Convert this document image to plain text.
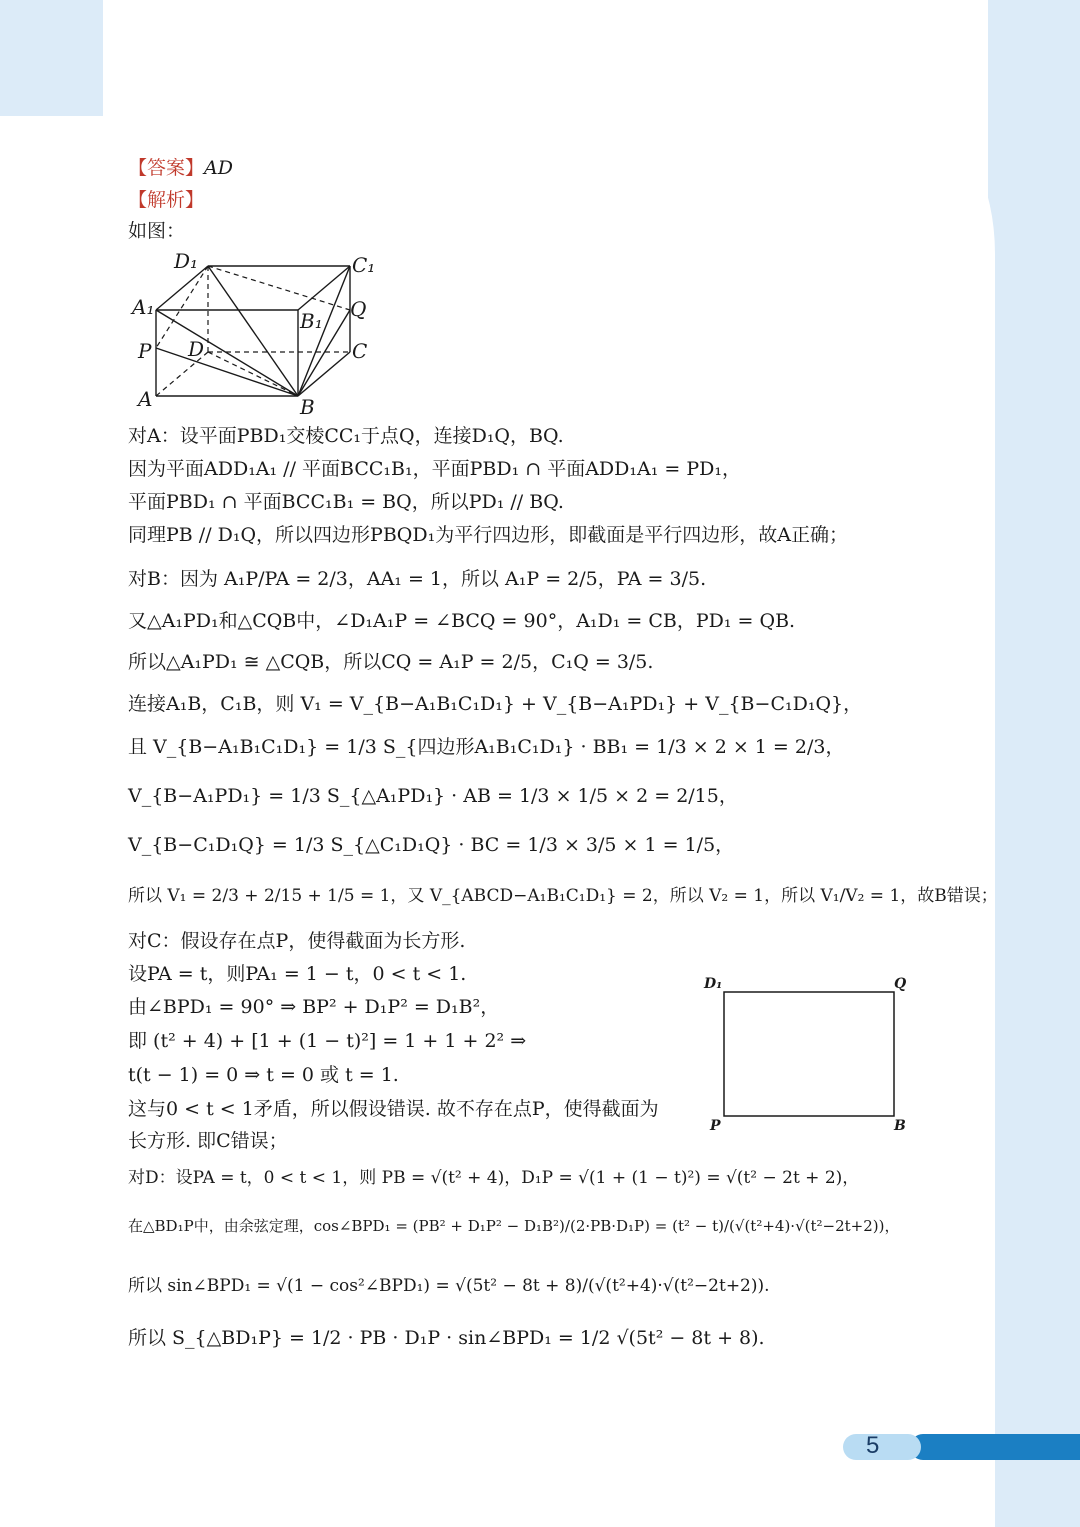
【答案】AD
【解析】
如图：
D₁	C₁
A₁
B₁ Q
P D	C
A	B
对A：设平面PBD₁交棱CC₁于点Q，连接D₁Q，BQ.
因为平面ADD₁A₁ // 平面BCC₁B₁，平面PBD₁ ∩ 平面ADD₁A₁ = PD₁，
平面PBD₁ ∩ 平面BCC₁B₁ = BQ，所以PD₁ // BQ.
同理PB // D₁Q，所以四边形PBQD₁为平行四边形，即截面是平行四边形，故A正确；
对B：因为 A₁P/PA = 2/3，AA₁ = 1，所以 A₁P = 2/5，PA = 3/5.
又△A₁PD₁和△CQB中，∠D₁A₁P = ∠BCQ = 90°，A₁D₁ = CB，PD₁ = QB.
所以△A₁PD₁ ≅ △CQB，所以CQ = A₁P = 2/5，C₁Q = 3/5.
连接A₁B，C₁B，则 V₁ = V_{B−A₁B₁C₁D₁} + V_{B−A₁PD₁} + V_{B−C₁D₁Q}，
且 V_{B−A₁B₁C₁D₁} = 1/3 S_{四边形A₁B₁C₁D₁} · BB₁ = 1/3 × 2 × 1 = 2/3，
V_{B−A₁PD₁} = 1/3 S_{△A₁PD₁} · AB = 1/3 × 1/5 × 2 = 2/15，
V_{B−C₁D₁Q} = 1/3 S_{△C₁D₁Q} · BC = 1/3 × 3/5 × 1 = 1/5，
所以 V₁ = 2/3 + 2/15 + 1/5 = 1，又 V_{ABCD−A₁B₁C₁D₁} = 2，所以 V₂ = 1，所以 V₁/V₂ = 1，故B错误；
对C：假设存在点P，使得截面为长方形.
设PA = t，则PA₁ = 1 − t，0 < t < 1.
由∠BPD₁ = 90° ⇒ BP² + D₁P² = D₁B²，
即 (t² + 4) + [1 + (1 − t)²] = 1 + 1 + 2² ⇒
t(t − 1) = 0 ⇒ t = 0 或 t = 1.
这与0 < t < 1矛盾，所以假设错误. 故不存在点P，使得截面为
长方形. 即C错误；
对D：设PA = t，0 < t < 1，则 PB = √(t² + 4)，D₁P = √(1 + (1 − t)²) = √(t² − 2t + 2)，
在△BD₁P中，由余弦定理，cos∠BPD₁ = (PB² + D₁P² − D₁B²)/(2·PB·D₁P) = (t² − t)/(√(t²+4)·√(t²−2t+2))，
所以 sin∠BPD₁ = √(1 − cos²∠BPD₁) = √(5t² − 8t + 8)/(√(t²+4)·√(t²−2t+2)).
所以 S_{△BD₁P} = 1/2 · PB · D₁P · sin∠BPD₁ = 1/2 √(5t² − 8t + 8).
D₁	Q
P	B
5
